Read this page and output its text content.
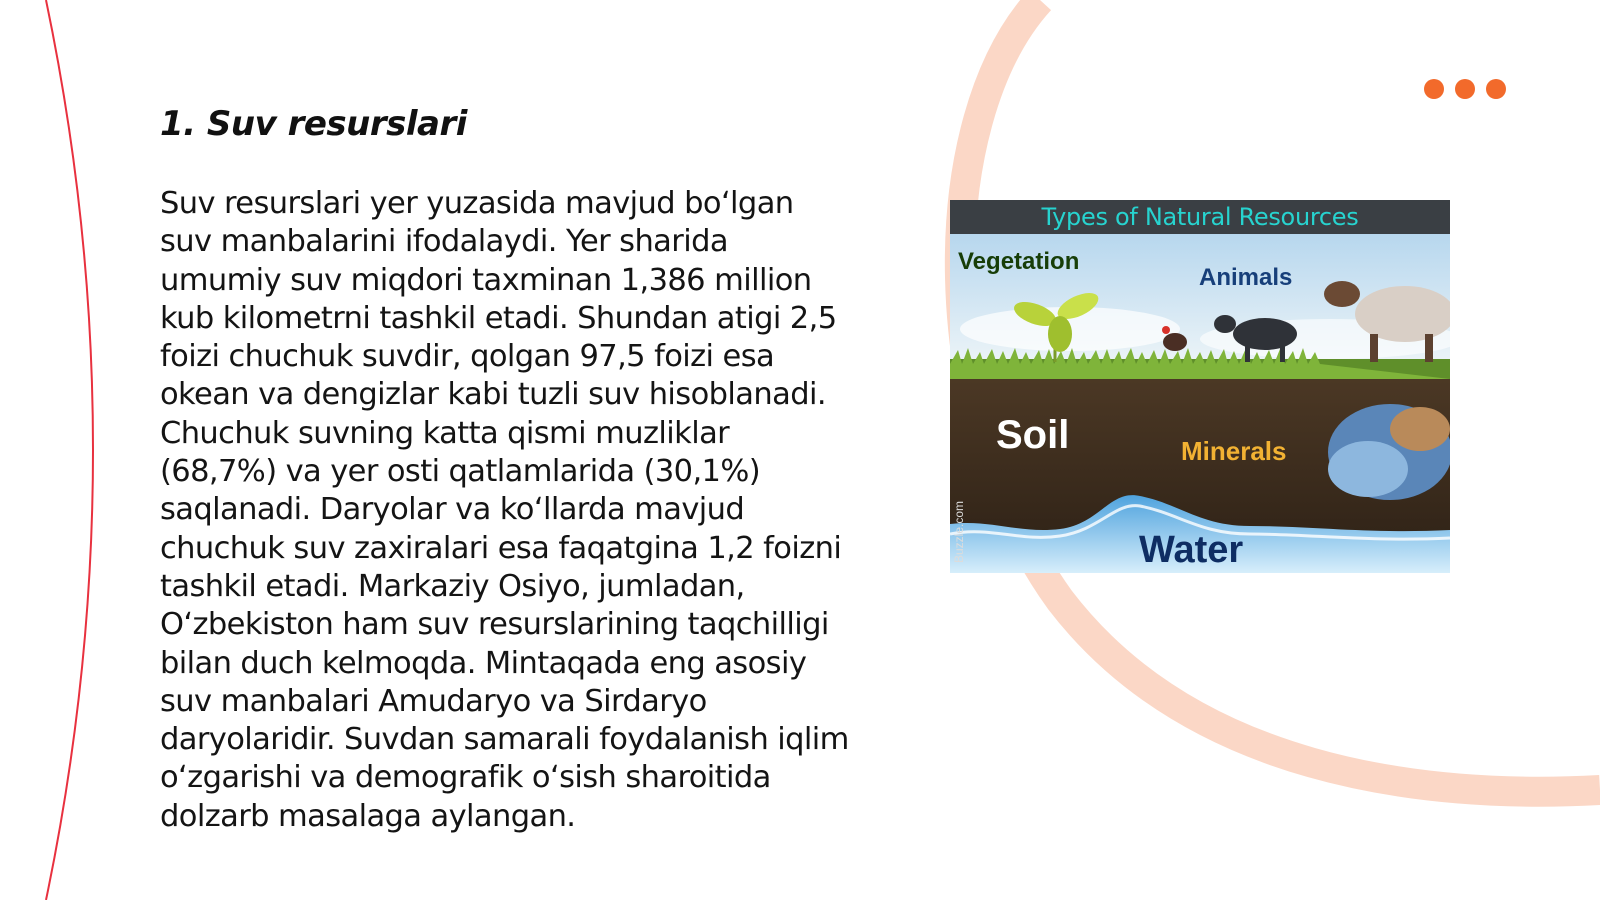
1. Suv resurslari
Suv resurslari yer yuzasida mavjud bo‘lgan suv manbalarini ifodalaydi. Yer sharida umumiy suv miqdori taxminan 1,386 million kub kilometrni tashkil etadi. Shundan atigi 2,5 foizi chuchuk suvdir, qolgan 97,5 foizi esa okean va dengizlar kabi tuzli suv hisoblanadi. Chuchuk suvning katta qismi muzliklar (68,7%) va yer osti qatlamlarida (30,1%) saqlanadi. Daryolar va ko‘llarda mavjud chuchuk suv zaxiralari esa faqatgina 1,2 foizni tashkil etadi. Markaziy Osiyo, jumladan, O‘zbekiston ham suv resurslarining taqchilligi bilan duch kelmoqda. Mintaqada eng asosiy suv manbalari Amudaryo va Sirdaryo daryolaridir. Suvdan samarali foydalanish iqlim o‘zgarishi va demografik o‘sish sharoitida dolzarb masalaga aylangan.
Types of Natural Resources
Vegetation
Animals
Soil	Minerals
Water
Buzzle.com
